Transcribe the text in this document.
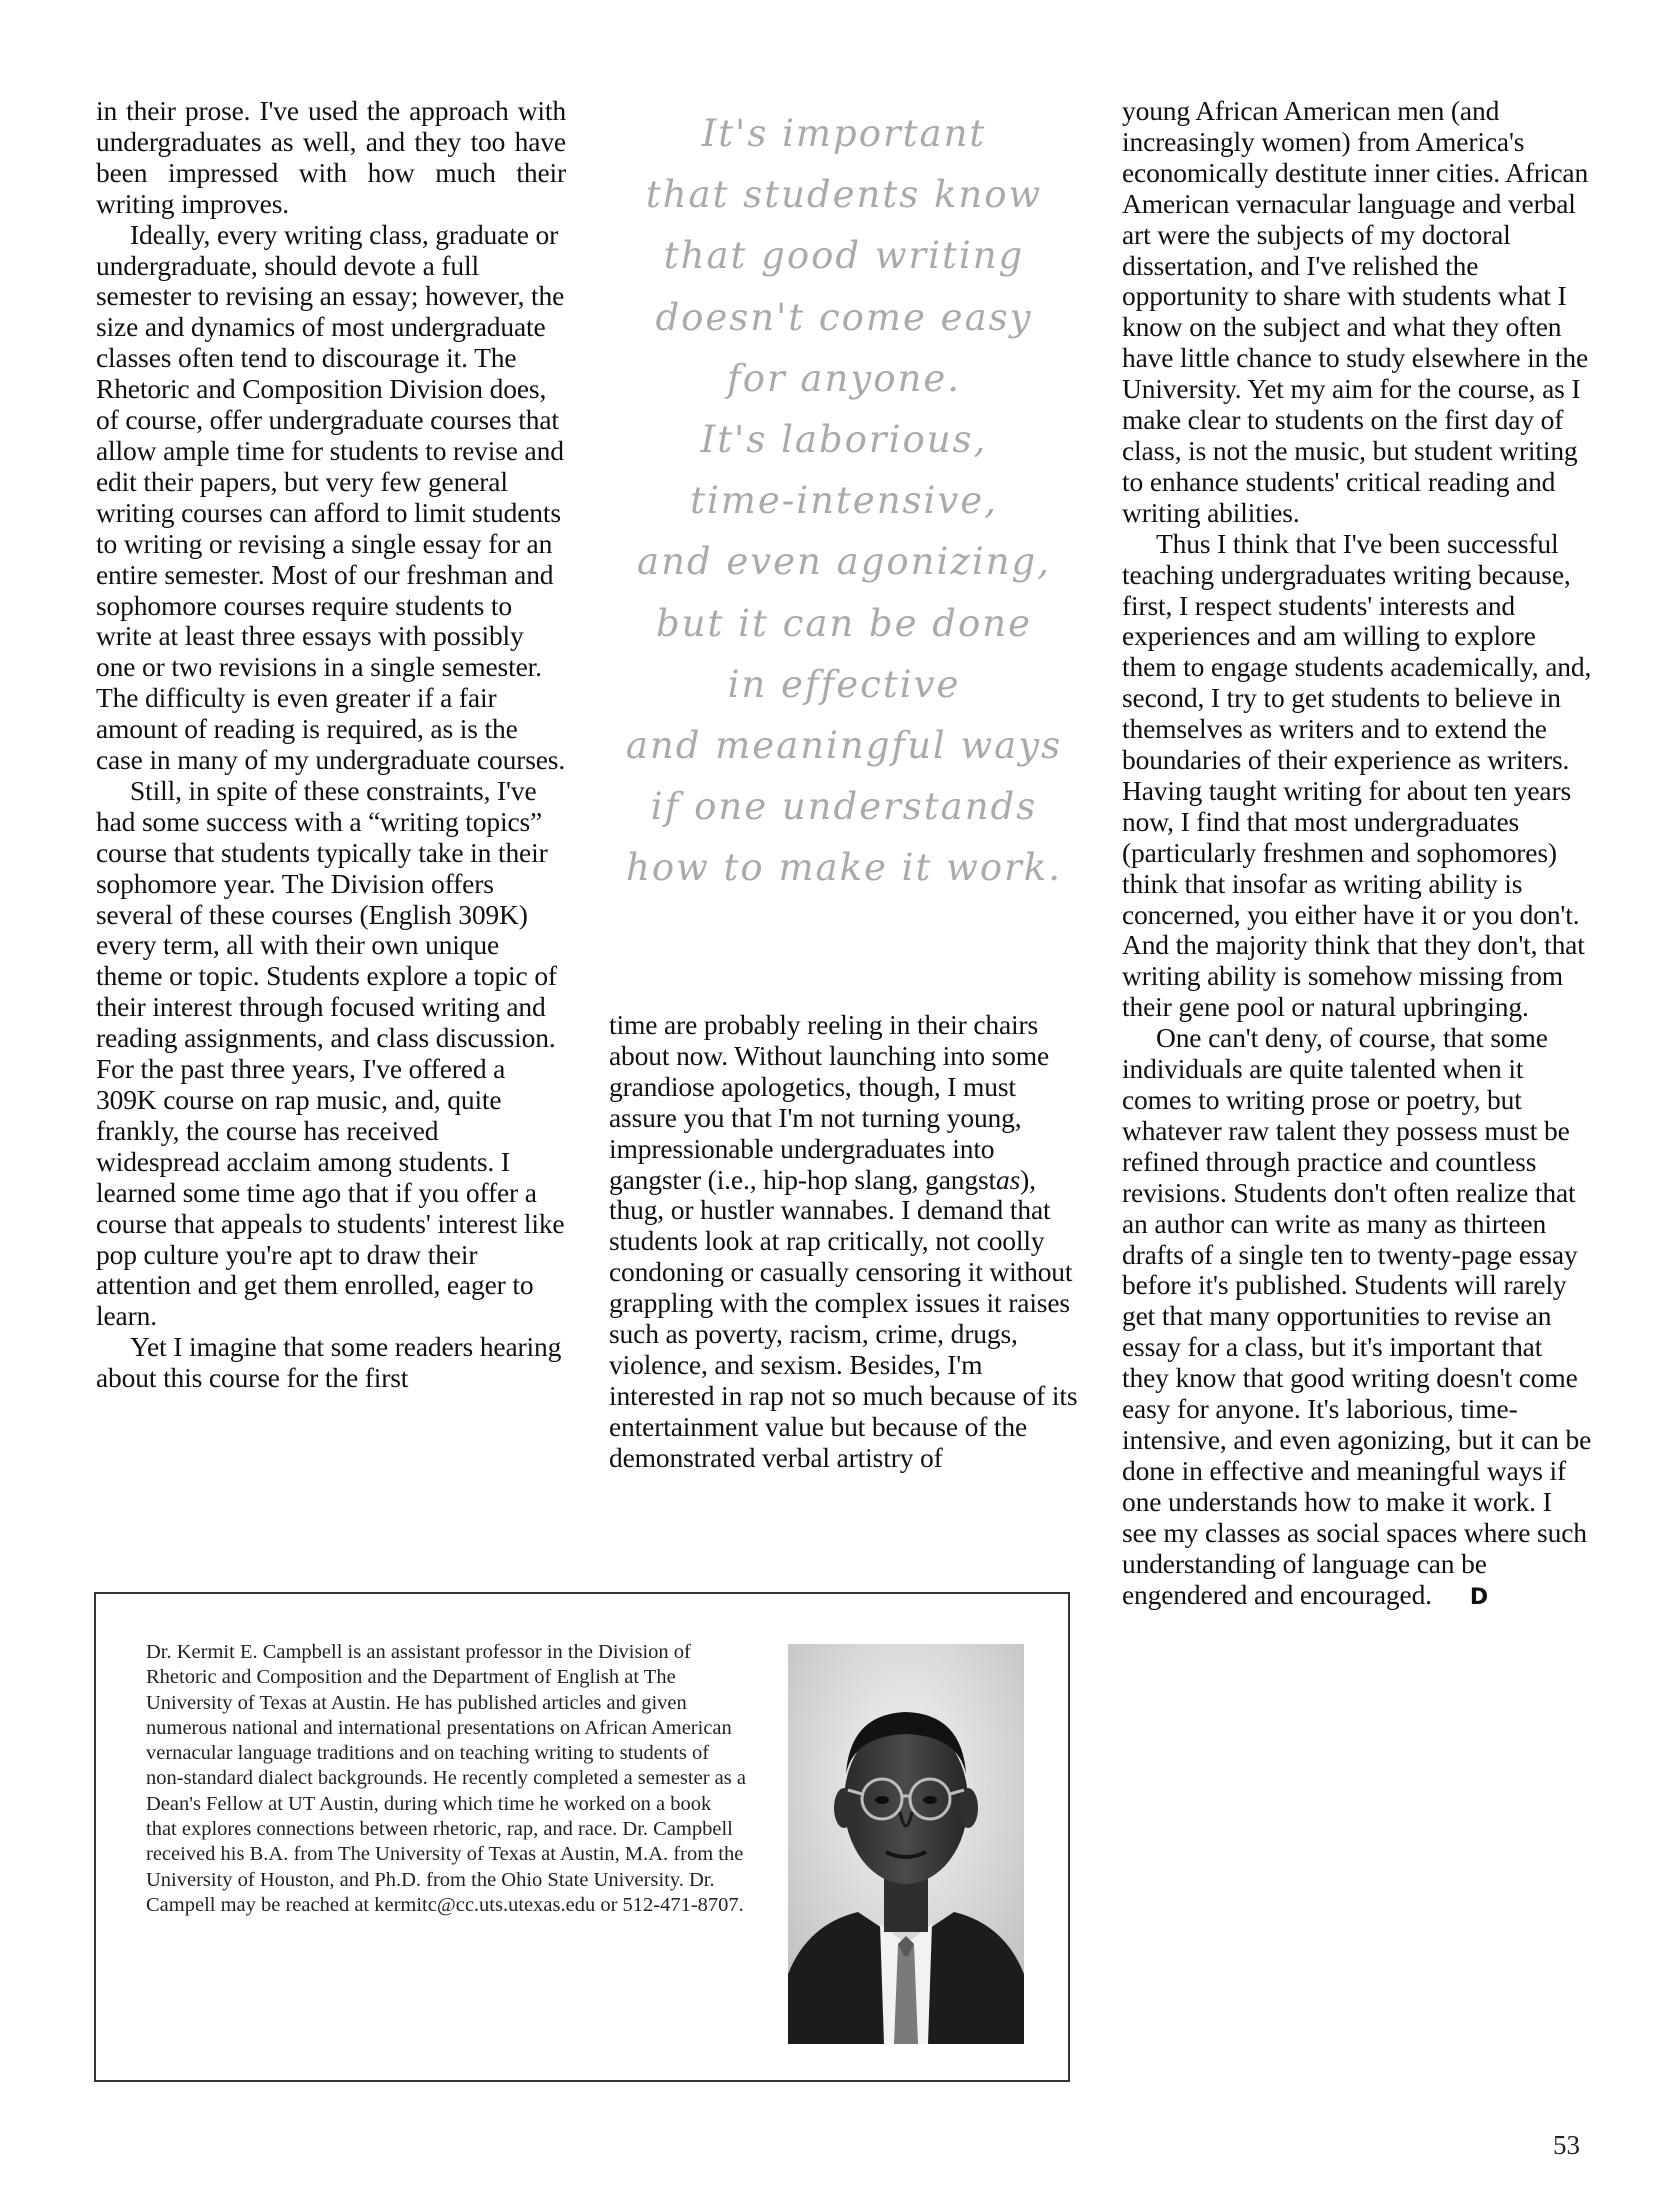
in their prose. I've used the approach with undergraduates as well, and they too have been impressed with how much their writing improves.

Ideally, every writing class, graduate or undergraduate, should devote a full semester to revising an essay; however, the size and dynamics of most undergraduate classes often tend to discourage it. The Rhetoric and Composition Division does, of course, offer undergraduate courses that allow ample time for students to revise and edit their papers, but very few general writing courses can afford to limit students to writing or revising a single essay for an entire semester. Most of our freshman and sophomore courses require students to write at least three essays with possibly one or two revisions in a single semester. The difficulty is even greater if a fair amount of reading is required, as is the case in many of my undergraduate courses.

Still, in spite of these constraints, I've had some success with a “writing topics” course that students typically take in their sophomore year. The Division offers several of these courses (English 309K) every term, all with their own unique theme or topic. Students explore a topic of their interest through focused writing and reading assignments, and class discussion. For the past three years, I've offered a 309K course on rap music, and, quite frankly, the course has received widespread acclaim among students. I learned some time ago that if you offer a course that appeals to students' interest like pop culture you're apt to draw their attention and get them enrolled, eager to learn.

Yet I imagine that some readers hearing about this course for the first

It's important
that students know
that good writing
doesn't come easy
for anyone.
It's laborious,
time-intensive,
and even agonizing,
but it can be done
in effective
and meaningful ways
if one understands
how to make it work.

time are probably reeling in their chairs about now. Without launching into some grandiose apologetics, though, I must assure you that I'm not turning young, impressionable undergraduates into gangster (i.e., hip-hop slang, gangstas), thug, or hustler wannabes. I demand that students look at rap critically, not coolly condoning or casually censoring it without grappling with the complex issues it raises such as poverty, racism, crime, drugs, violence, and sexism. Besides, I'm interested in rap not so much because of its entertainment value but because of the demonstrated verbal artistry of

young African American men (and increasingly women) from America's economically destitute inner cities. African American vernacular language and verbal art were the subjects of my doctoral dissertation, and I've relished the opportunity to share with students what I know on the subject and what they often have little chance to study elsewhere in the University. Yet my aim for the course, as I make clear to students on the first day of class, is not the music, but student writing to enhance students' critical reading and writing abilities.

Thus I think that I've been successful teaching undergraduates writing because, first, I respect students' interests and experiences and am willing to explore them to engage students academically, and, second, I try to get students to believe in themselves as writers and to extend the boundaries of their experience as writers. Having taught writing for about ten years now, I find that most undergraduates (particularly freshmen and sophomores) think that insofar as writing ability is concerned, you either have it or you don't. And the majority think that they don't, that writing ability is somehow missing from their gene pool or natural upbringing.

One can't deny, of course, that some individuals are quite talented when it comes to writing prose or poetry, but whatever raw talent they possess must be refined through practice and countless revisions. Students don't often realize that an author can write as many as thirteen drafts of a single ten to twenty-page essay before it's published. Students will rarely get that many opportunities to revise an essay for a class, but it's important that they know that good writing doesn't come easy for anyone. It's laborious, time-intensive, and even agonizing, but it can be done in effective and meaningful ways if one understands how to make it work. I see my classes as social spaces where such understanding of language can be engendered and encouraged. D

Dr. Kermit E. Campbell is an assistant professor in the Division of Rhetoric and Composition and the Department of English at The University of Texas at Austin. He has published articles and given numerous national and international presentations on African American vernacular language traditions and on teaching writing to students of non-standard dialect backgrounds. He recently completed a semester as a Dean's Fellow at UT Austin, during which time he worked on a book that explores connections between rhetoric, rap, and race. Dr. Campbell received his B.A. from The University of Texas at Austin, M.A. from the University of Houston, and Ph.D. from the Ohio State University. Dr. Campell may be reached at kermitc@cc.uts.utexas.edu or 512-471-8707.
53
